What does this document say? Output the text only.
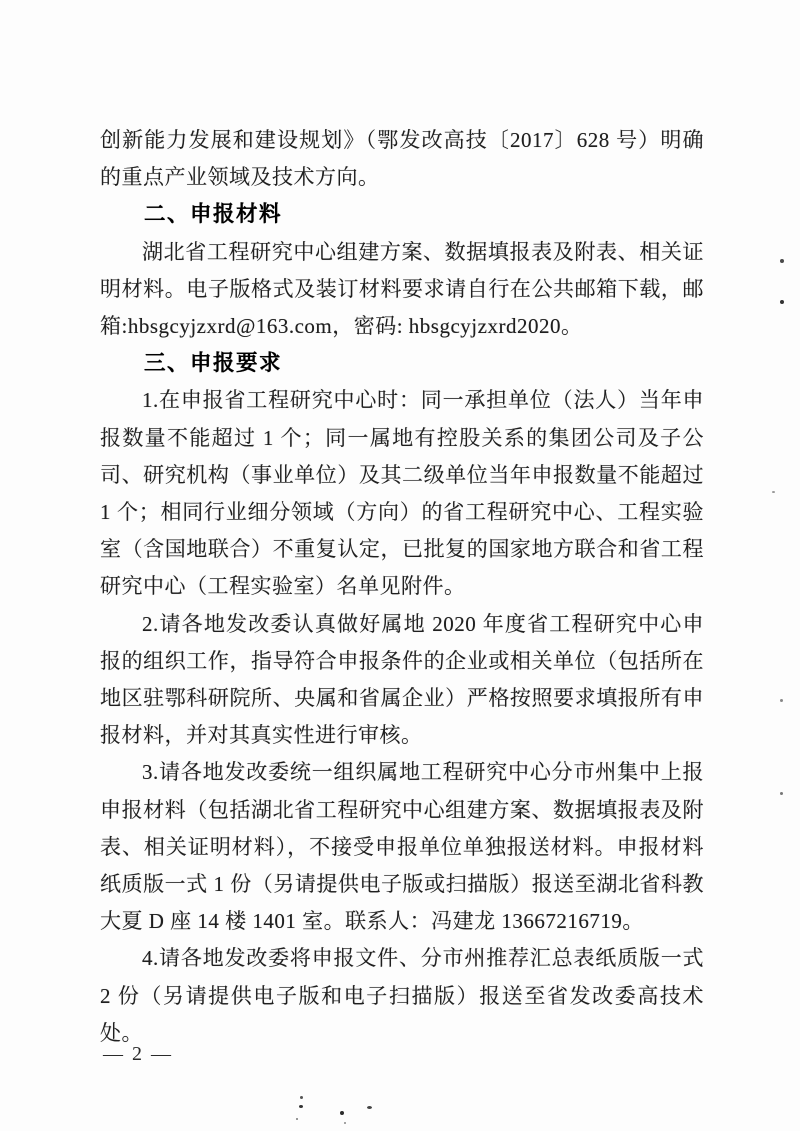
创新能力发展和建设规划》（鄂发改高技〔2017〕628 号）明确的重点产业领域及技术方向。

二、申报材料

湖北省工程研究中心组建方案、数据填报表及附表、相关证明材料。电子版格式及装订材料要求请自行在公共邮箱下载，邮箱:hbsgcyjzxrd@163.com，密码: hbsgcyjzxrd2020。

三、申报要求

1.在申报省工程研究中心时：同一承担单位（法人）当年申报数量不能超过 1 个；同一属地有控股关系的集团公司及子公司、研究机构（事业单位）及其二级单位当年申报数量不能超过 1 个；相同行业细分领域（方向）的省工程研究中心、工程实验室（含国地联合）不重复认定，已批复的国家地方联合和省工程研究中心（工程实验室）名单见附件。

2.请各地发改委认真做好属地 2020 年度省工程研究中心申报的组织工作，指导符合申报条件的企业或相关单位（包括所在地区驻鄂科研院所、央属和省属企业）严格按照要求填报所有申报材料，并对其真实性进行审核。

3.请各地发改委统一组织属地工程研究中心分市州集中上报申报材料（包括湖北省工程研究中心组建方案、数据填报表及附表、相关证明材料），不接受申报单位单独报送材料。申报材料纸质版一式 1 份（另请提供电子版或扫描版）报送至湖北省科教大夏 D 座 14 楼 1401 室。联系人：冯建龙 13667216719。

4.请各地发改委将申报文件、分市州推荐汇总表纸质版一式 2 份（另请提供电子版和电子扫描版）报送至省发改委高技术处。

— 2 —
